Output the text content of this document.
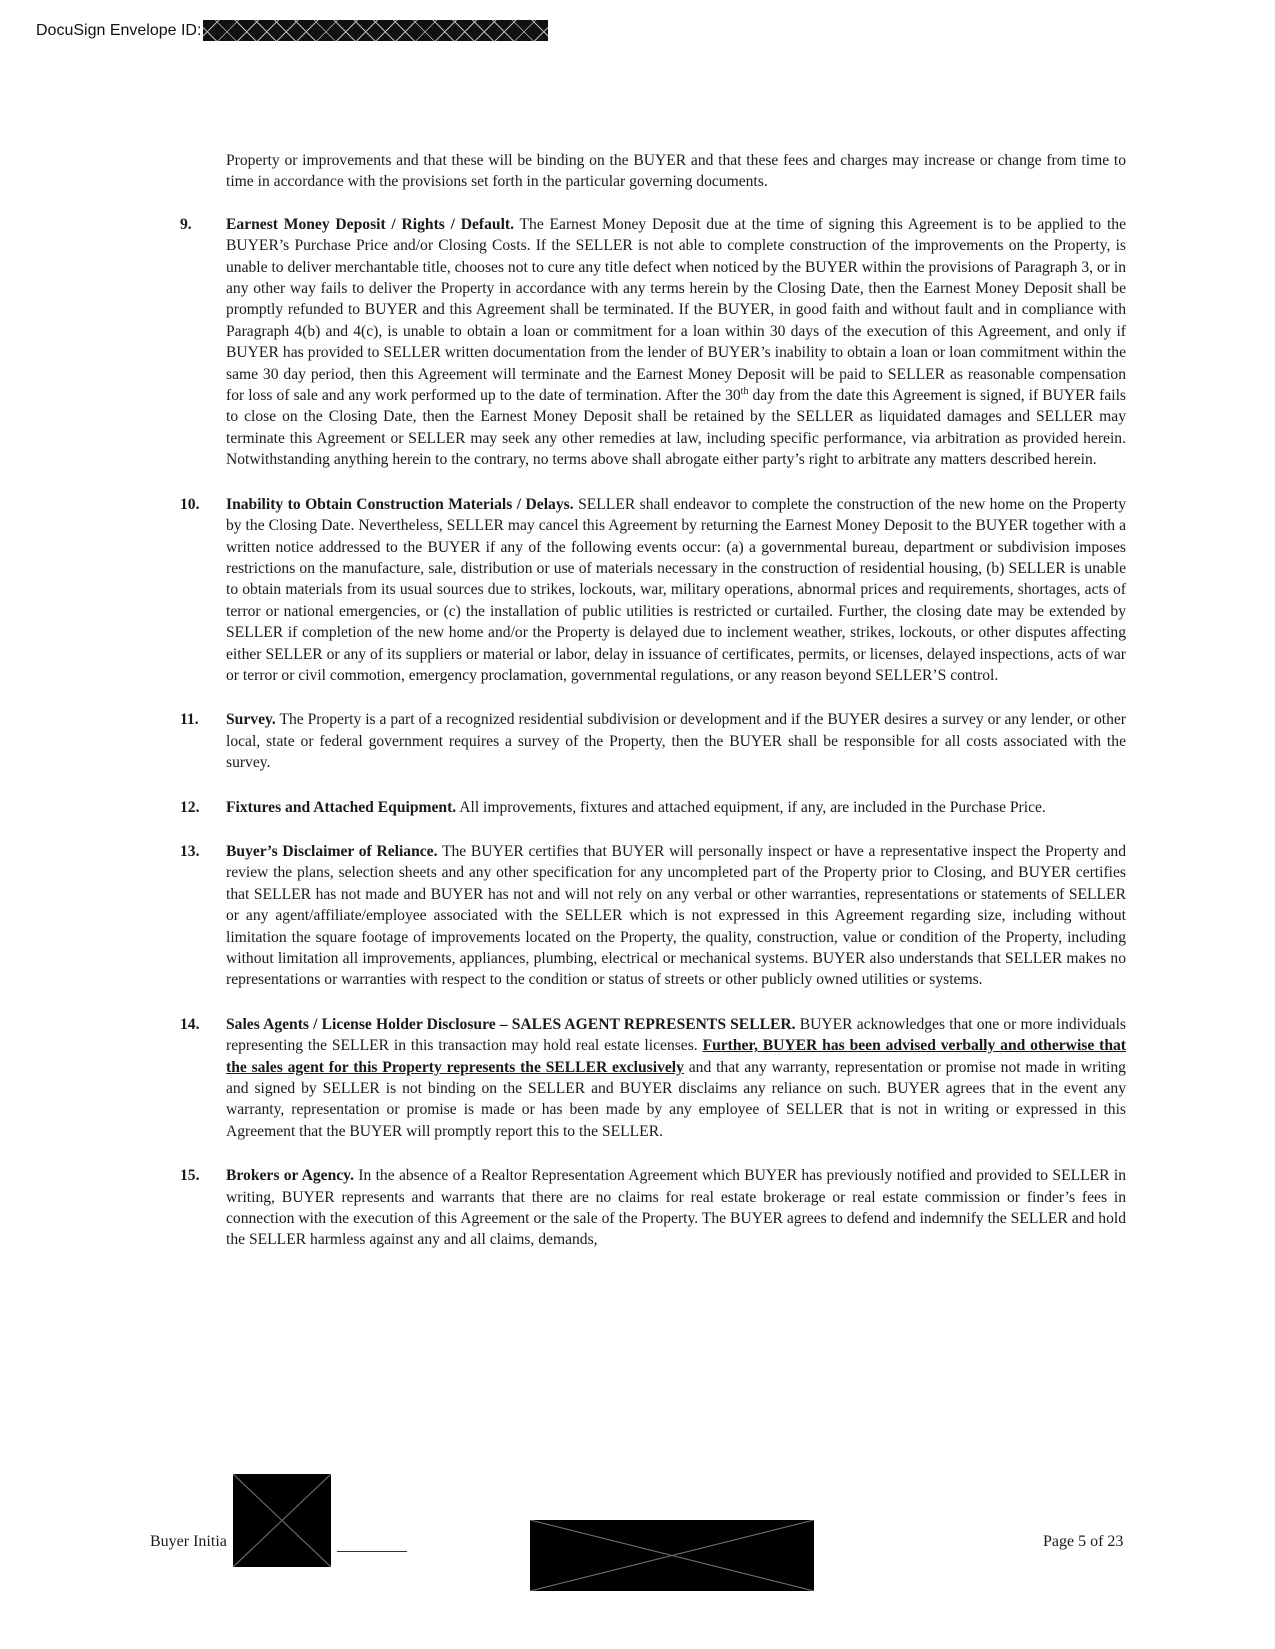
DocuSign Envelope ID:

Property or improvements and that these will be binding on the BUYER and that these fees and charges may increase or change from time to time in accordance with the provisions set forth in the particular governing documents.

9.	Earnest Money Deposit / Rights / Default. The Earnest Money Deposit due at the time of signing this Agreement is to be applied to the BUYER’s Purchase Price and/or Closing Costs. If the SELLER is not able to complete construction of the improvements on the Property, is unable to deliver merchantable title, chooses not to cure any title defect when noticed by the BUYER within the provisions of Paragraph 3, or in any other way fails to deliver the Property in accordance with any terms herein by the Closing Date, then the Earnest Money Deposit shall be promptly refunded to BUYER and this Agreement shall be terminated. If the BUYER, in good faith and without fault and in compliance with Paragraph 4(b) and 4(c), is unable to obtain a loan or commitment for a loan within 30 days of the execution of this Agreement, and only if BUYER has provided to SELLER written documentation from the lender of BUYER’s inability to obtain a loan or loan commitment within the same 30 day period, then this Agreement will terminate and the Earnest Money Deposit will be paid to SELLER as reasonable compensation for loss of sale and any work performed up to the date of termination. After the 30th day from the date this Agreement is signed, if BUYER fails to close on the Closing Date, then the Earnest Money Deposit shall be retained by the SELLER as liquidated damages and SELLER may terminate this Agreement or SELLER may seek any other remedies at law, including specific performance, via arbitration as provided herein. Notwithstanding anything herein to the contrary, no terms above shall abrogate either party’s right to arbitrate any matters described herein.
10.	Inability to Obtain Construction Materials / Delays. SELLER shall endeavor to complete the construction of the new home on the Property by the Closing Date. Nevertheless, SELLER may cancel this Agreement by returning the Earnest Money Deposit to the BUYER together with a written notice addressed to the BUYER if any of the following events occur: (a) a governmental bureau, department or subdivision imposes restrictions on the manufacture, sale, distribution or use of materials necessary in the construction of residential housing, (b) SELLER is unable to obtain materials from its usual sources due to strikes, lockouts, war, military operations, abnormal prices and requirements, shortages, acts of terror or national emergencies, or (c) the installation of public utilities is restricted or curtailed. Further, the closing date may be extended by SELLER if completion of the new home and/or the Property is delayed due to inclement weather, strikes, lockouts, or other disputes affecting either SELLER or any of its suppliers or material or labor, delay in issuance of certificates, permits, or licenses, delayed inspections, acts of war or terror or civil commotion, emergency proclamation, governmental regulations, or any reason beyond SELLER’S control.
11.	Survey. The Property is a part of a recognized residential subdivision or development and if the BUYER desires a survey or any lender, or other local, state or federal government requires a survey of the Property, then the BUYER shall be responsible for all costs associated with the survey.
12.	Fixtures and Attached Equipment. All improvements, fixtures and attached equipment, if any, are included in the Purchase Price.
13.	Buyer’s Disclaimer of Reliance. The BUYER certifies that BUYER will personally inspect or have a representative inspect the Property and review the plans, selection sheets and any other specification for any uncompleted part of the Property prior to Closing, and BUYER certifies that SELLER has not made and BUYER has not and will not rely on any verbal or other warranties, representations or statements of SELLER or any agent/affiliate/employee associated with the SELLER which is not expressed in this Agreement regarding size, including without limitation the square footage of improvements located on the Property, the quality, construction, value or condition of the Property, including without limitation all improvements, appliances, plumbing, electrical or mechanical systems. BUYER also understands that SELLER makes no representations or warranties with respect to the condition or status of streets or other publicly owned utilities or systems.
14.	Sales Agents / License Holder Disclosure – SALES AGENT REPRESENTS SELLER. BUYER acknowledges that one or more individuals representing the SELLER in this transaction may hold real estate licenses. Further, BUYER has been advised verbally and otherwise that the sales agent for this Property represents the SELLER exclusively and that any warranty, representation or promise not made in writing and signed by SELLER is not binding on the SELLER and BUYER disclaims any reliance on such. BUYER agrees that in the event any warranty, representation or promise is made or has been made by any employee of SELLER that is not in writing or expressed in this Agreement that the BUYER will promptly report this to the SELLER.
15.	Brokers or Agency. In the absence of a Realtor Representation Agreement which BUYER has previously notified and provided to SELLER in writing, BUYER represents and warrants that there are no claims for real estate brokerage or real estate commission or finder’s fees in connection with the execution of this Agreement or the sale of the Property. The BUYER agrees to defend and indemnify the SELLER and hold the SELLER harmless against any and all claims, demands,
Buyer Initia	Page 5 of 23
